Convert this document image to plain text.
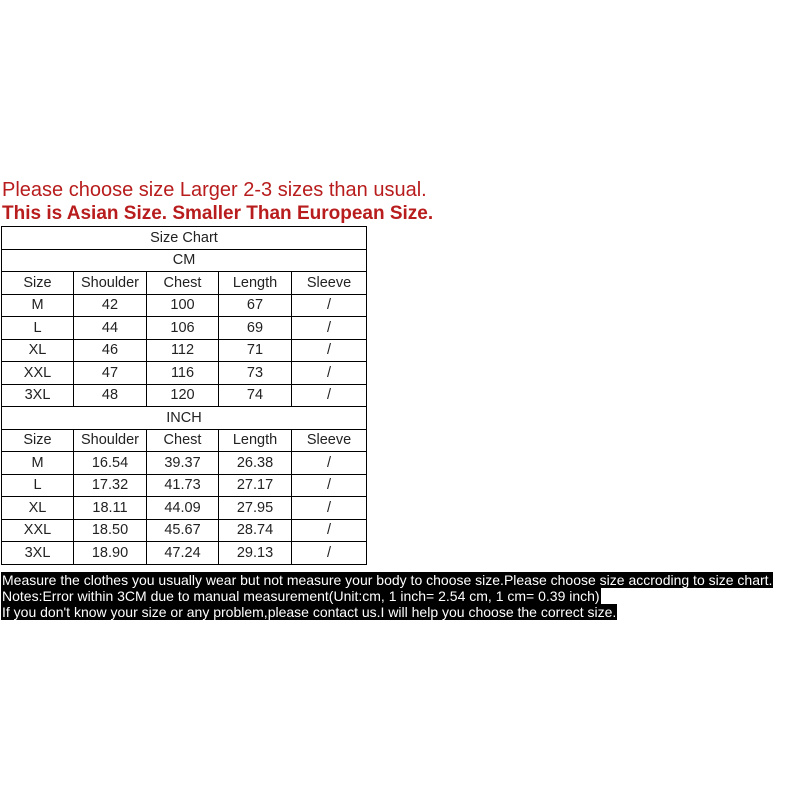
Please choose size Larger 2-3 sizes than usual.

This is Asian Size. Smaller Than European Size.

Size Chart				
CM				
Size	Shoulder	Chest	Length	Sleeve
M	42	100	67	/
L	44	106	69	/
XL	46	112	71	/
XXL	47	116	73	/
3XL	48	120	74	/
INCH				
Size	Shoulder	Chest	Length	Sleeve
M	16.54	39.37	26.38	/
L	17.32	41.73	27.17	/
XL	18.11	44.09	27.95	/
XXL	18.50	45.67	28.74	/
3XL	18.90	47.24	29.13	/
Measure the clothes you usually wear but not measure your body to choose size.Please choose size accroding to size chart.
Notes:Error within 3CM due to manual measurement(Unit:cm, 1 inch= 2.54 cm, 1 cm= 0.39 inch)
If you don't know your size or any problem,please contact us.I will help you choose the correct size.
